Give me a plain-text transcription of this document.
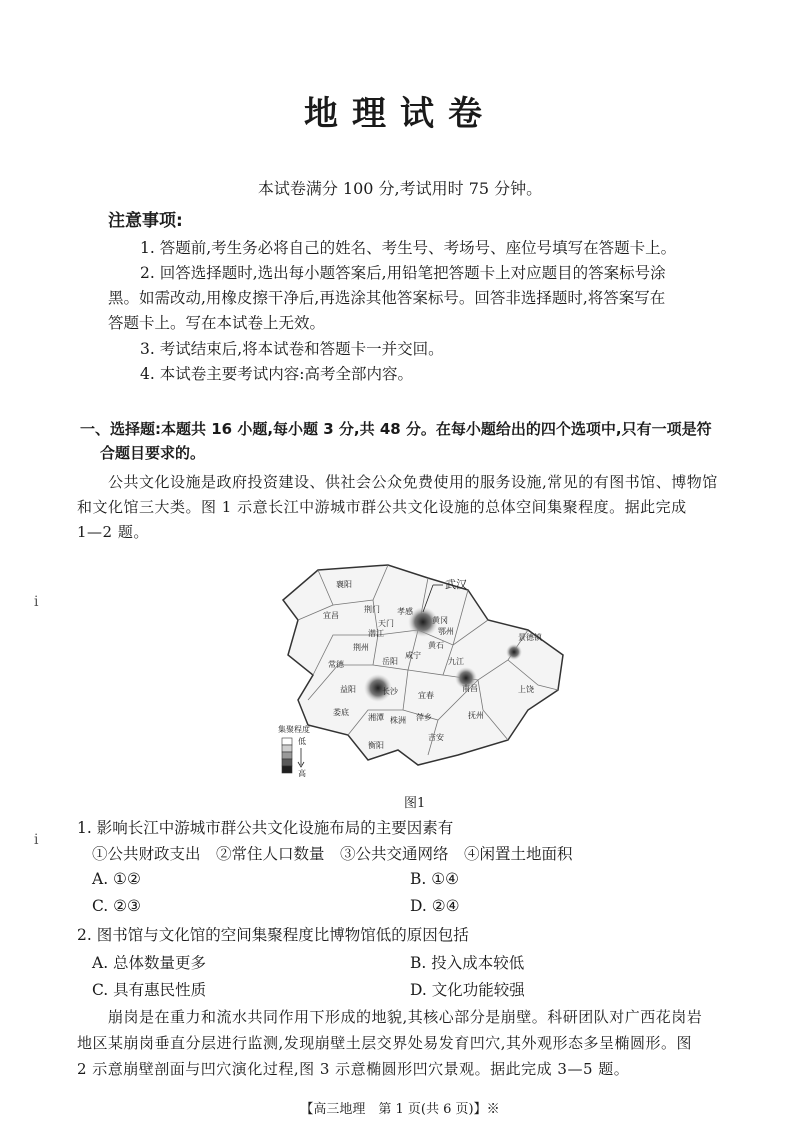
地理试卷
本试卷满分 100 分,考试用时 75 分钟。
注意事项:
1. 答题前,考生务必将自己的姓名、考生号、考场号、座位号填写在答题卡上。
2. 回答选择题时,选出每小题答案后,用铅笔把答题卡上对应题目的答案标号涂
黑。如需改动,用橡皮擦干净后,再选涂其他答案标号。回答非选择题时,将答案写在
答题卡上。写在本试卷上无效。
3. 考试结束后,将本试卷和答题卡一并交回。
4. 本试卷主要考试内容:高考全部内容。
一、选择题:本题共 16 小题,每小题 3 分,共 48 分。在每小题给出的四个选项中,只有一项是符
合题目要求的。
公共文化设施是政府投资建设、供社会公众免费使用的服务设施,常见的有图书馆、博物馆
和文化馆三大类。图 1 示意长江中游城市群公共文化设施的总体空间集聚程度。据此完成
1—2 题。
ⅰ
ⅰ
襄阳	武汉
宜昌
荆门 孝感
黄冈
天门
鄂州
潜江
荆州	黄石
咸宁
景德镇
常德	岳阳	九江
益阳	长沙	南昌	上饶
宜春
娄底
湘潭 株洲 萍乡	抚州
吉安
衡阳
集聚程度
低
高
图1
1. 影响长江中游城市群公共文化设施布局的主要因素有
①公共财政支出　②常住人口数量　③公共交通网络　④闲置土地面积
A. ①②	B. ①④
C. ②③	D. ②④
2. 图书馆与文化馆的空间集聚程度比博物馆低的原因包括
A. 总体数量更多	B. 投入成本较低
C. 具有惠民性质	D. 文化功能较强
崩岗是在重力和流水共同作用下形成的地貌,其核心部分是崩壁。科研团队对广西花岗岩
地区某崩岗垂直分层进行监测,发现崩壁土层交界处易发育凹穴,其外观形态多呈椭圆形。图
2 示意崩壁剖面与凹穴演化过程,图 3 示意椭圆形凹穴景观。据此完成 3—5 题。
【高三地理　第 1 页(共 6 页)】※
